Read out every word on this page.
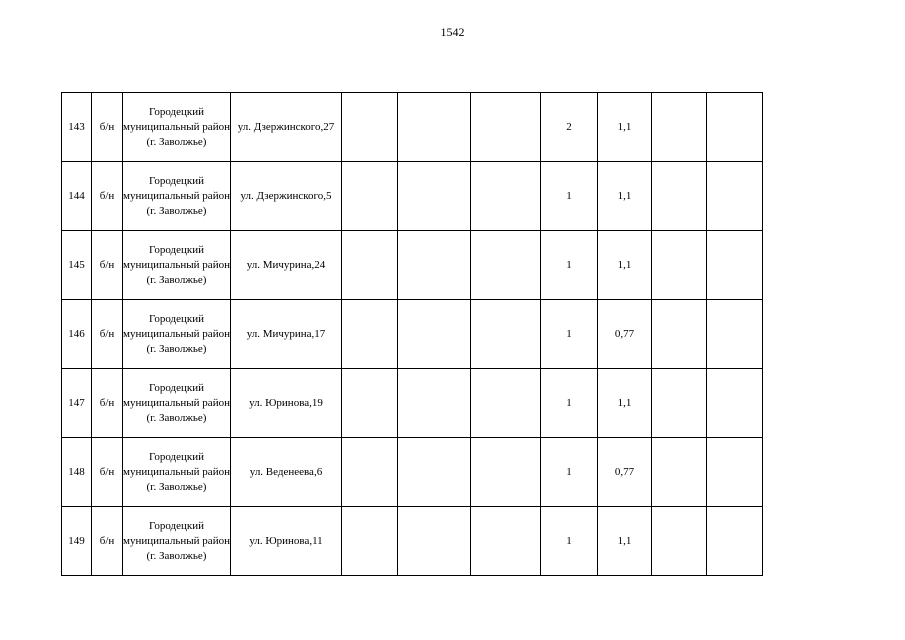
1542
143	б/н	Городецкий муниципальный район (г. Заволжье)	ул. Дзержинского,27				2	1,1		
144	б/н	Городецкий муниципальный район (г. Заволжье)	ул. Дзержинского,5				1	1,1		
145	б/н	Городецкий муниципальный район (г. Заволжье)	ул. Мичурина,24				1	1,1		
146	б/н	Городецкий муниципальный район (г. Заволжье)	ул. Мичурина,17				1	0,77		
147	б/н	Городецкий муниципальный район (г. Заволжье)	ул. Юринова,19				1	1,1		
148	б/н	Городецкий муниципальный район (г. Заволжье)	ул. Веденеева,6				1	0,77		
149	б/н	Городецкий муниципальный район (г. Заволжье)	ул. Юринова,11				1	1,1		
